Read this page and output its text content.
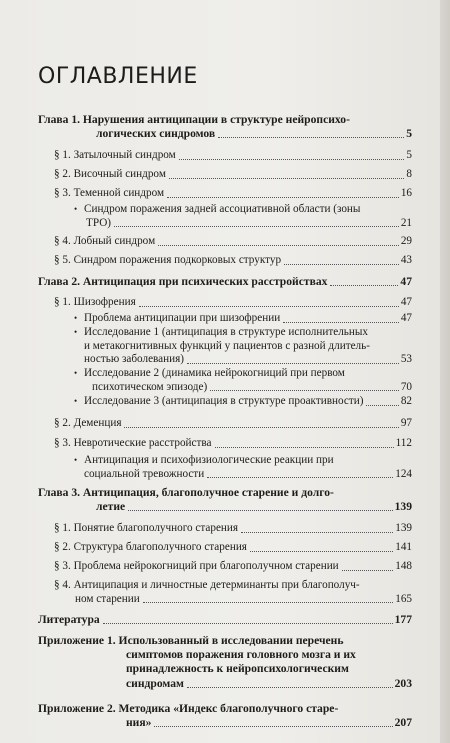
ОГЛАВЛЕНИЕ
Глава 1. Нарушения антиципации в структуре нейропсихо-
логических синдромов	5
§ 1. Затылочный синдром	5
§ 2. Височный синдром	8
§ 3. Теменной синдром	16
• Синдром поражения задней ассоциативной области (зоны
ТРО)	21
§ 4. Лобный синдром	29
§ 5. Синдром поражения подкорковых структур	43
Глава 2. Антиципация при психических расстройствах	47
§ 1. Шизофрения	47
• Проблема антиципации при шизофрении	47
• Исследование 1 (антиципация в структуре исполнительных
и метакогнитивных функций у пациентов с разной длитель-
ностью заболевания)	53
• Исследование 2 (динамика нейрокогниций при первом
психотическом эпизоде)	70
• Исследование 3 (антиципация в структуре проактивности)	82
§ 2. Деменция	97
§ 3. Невротические расстройства	112
• Антиципация и психофизиологические реакции при
социальной тревожности	124
Глава 3. Антиципация, благополучное старение и долго-
летие	139
§ 1. Понятие благополучного старения	139
§ 2. Структура благополучного старения	141
§ 3. Проблема нейрокогниций при благополучном старении	148
§ 4. Антиципация и личностные детерминанты при благополуч-
ном старении	165
Литература	177
Приложение 1. Использованный в исследовании перечень
симптомов поражения головного мозга и их
принадлежность к нейропсихологическим
синдромам	203
Приложение 2. Методика «Индекс благополучного старе-
ния»	207
